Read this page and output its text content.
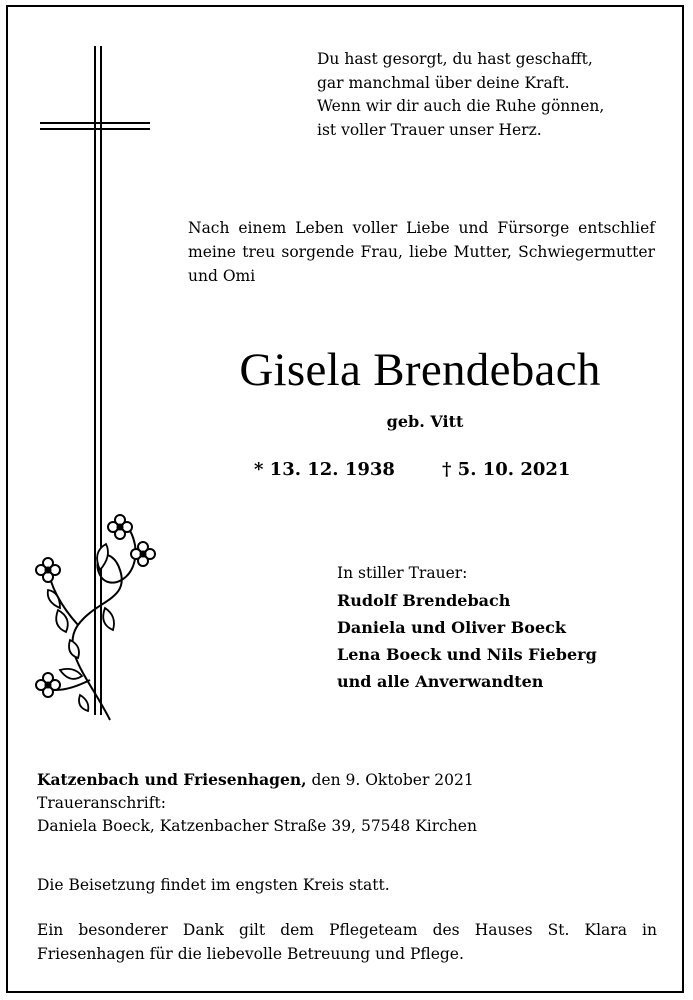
Du hast gesorgt, du hast geschafft,
gar manchmal über deine Kraft.
Wenn wir dir auch die Ruhe gönnen,
ist voller Trauer unser Herz.
Nach einem Leben voller Liebe und Fürsorge entschlief meine treu sorgende Frau, liebe Mutter, Schwiegermutter und Omi
Gisela Brendebach
geb. Vitt
* 13. 12. 1938	† 5. 10. 2021
In stiller Trauer:
Rudolf Brendebach
Daniela und Oliver Boeck
Lena Boeck und Nils Fieberg
und alle Anverwandten
Katzenbach und Friesenhagen, den 9. Oktober 2021
Traueranschrift:
Daniela Boeck, Katzenbacher Straße 39, 57548 Kirchen
Die Beisetzung findet im engsten Kreis statt.
Ein besonderer Dank gilt dem Pflegeteam des Hauses St. Klara in Friesenhagen für die liebevolle Betreuung und Pflege.
